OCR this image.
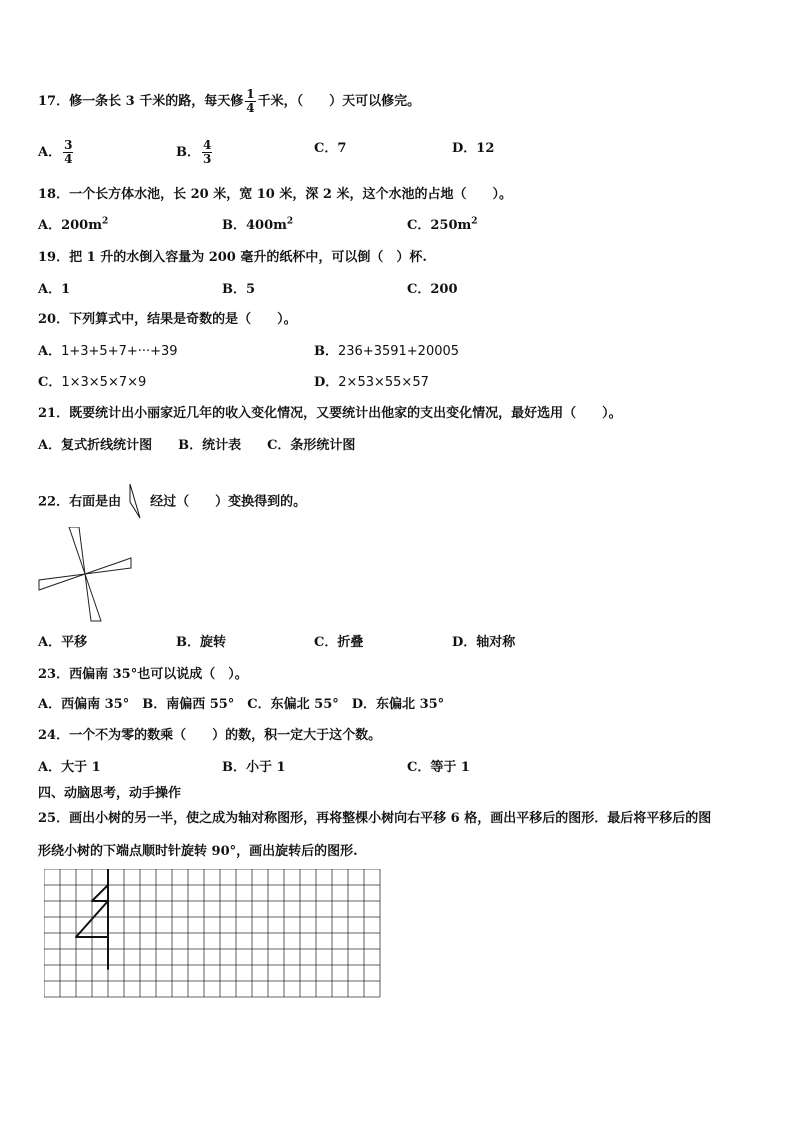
17．修一条长 3 千米的路，每天修 $\frac{1}{4}$ 千米，（　　）天可以修完。
A． $\frac{3}{4}$	B． $\frac{4}{3}$	C．7	D．12
18．一个长方体水池，长 20 米，宽 10 米，深 2 米，这个水池的占地（　　）。
A．$200m^2$	B．$400m^2$	C．$250m^2$
19．把 1 升的水倒入容量为 200 毫升的纸杯中，可以倒（　）杯.
A．1	B．5	C．200
20．下列算式中，结果是奇数的是（　　）。
A．1+3+5+7+···+39	B．236+3591+20005
C．1×3×5×7×9	D．2×53×55×57
21．既要统计出小丽家近几年的收入变化情况，又要统计出他家的支出变化情况，最好选用（　　）。
A．复式折线统计图　　B．统计表　　C．条形统计图
22．右面是由 经过（　　）变换得到的。
A．平移	B．旋转	C．折叠	D．轴对称
23．西偏南 35°也可以说成（　）。
A．西偏南 35°　B．南偏西 55°　C．东偏北 55°　D．东偏北 35°
24．一个不为零的数乘（　　）的数，积一定大于这个数。
A．大于 1	B．小于 1	C．等于 1
四、动脑思考，动手操作
25．画出小树的另一半，使之成为轴对称图形，再将整棵小树向右平移 6 格，画出平移后的图形．最后将平移后的图
形绕小树的下端点顺时针旋转 90°，画出旋转后的图形.
